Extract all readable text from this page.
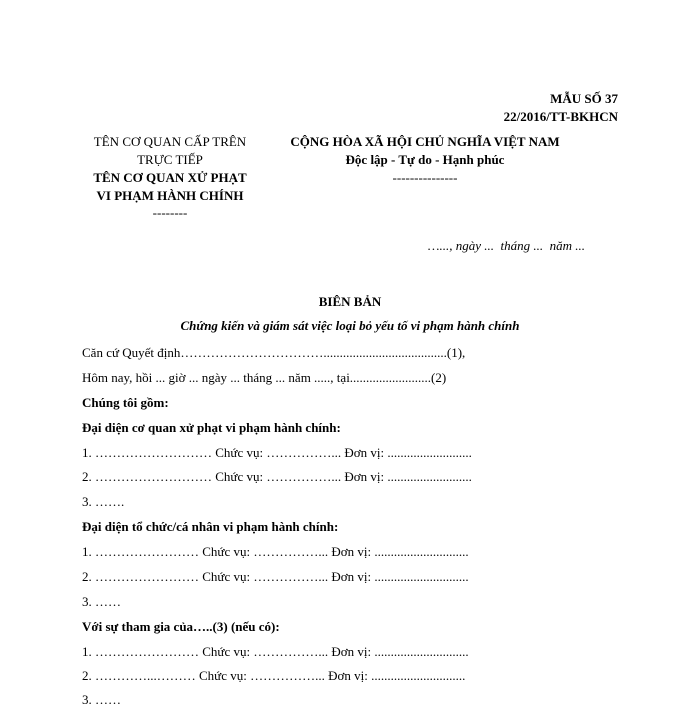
MẪU SỐ 37
22/2016/TT-BKHCN
TÊN CƠ QUAN CẤP TRÊN
TRỰC TIẾP
TÊN CƠ QUAN XỬ PHẠT
VI PHẠM HÀNH CHÍNH
--------
CỘNG HÒA XÃ HỘI CHỦ NGHĨA VIỆT NAM
Độc lập - Tự do - Hạnh phúc
---------------
…..., ngày ...  tháng ...  năm ...
BIÊN BẢN
Chứng kiến và giám sát việc loại bỏ yếu tố vi phạm hành chính
Căn cứ Quyết định……………………………......................................(1),
Hôm nay, hồi ... giờ ... ngày ... tháng ... năm ....., tại.........................(2)
Chúng tôi gồm:
Đại diện cơ quan xử phạt vi phạm hành chính:
1. ……………………… Chức vụ: ……………... Đơn vị: ..........................
2. ……………………… Chức vụ: ……………... Đơn vị: ..........................
3. …….
Đại diện tổ chức/cá nhân vi phạm hành chính:
1. …………………… Chức vụ: ……………... Đơn vị: .............................
2. …………………… Chức vụ: ……………... Đơn vị: .............................
3. ……
Với sự tham gia của…..(3) (nếu có):
1. …………………… Chức vụ: ……………... Đơn vị: .............................
2. …………...……… Chức vụ: ……………... Đơn vị: .............................
3. ……
